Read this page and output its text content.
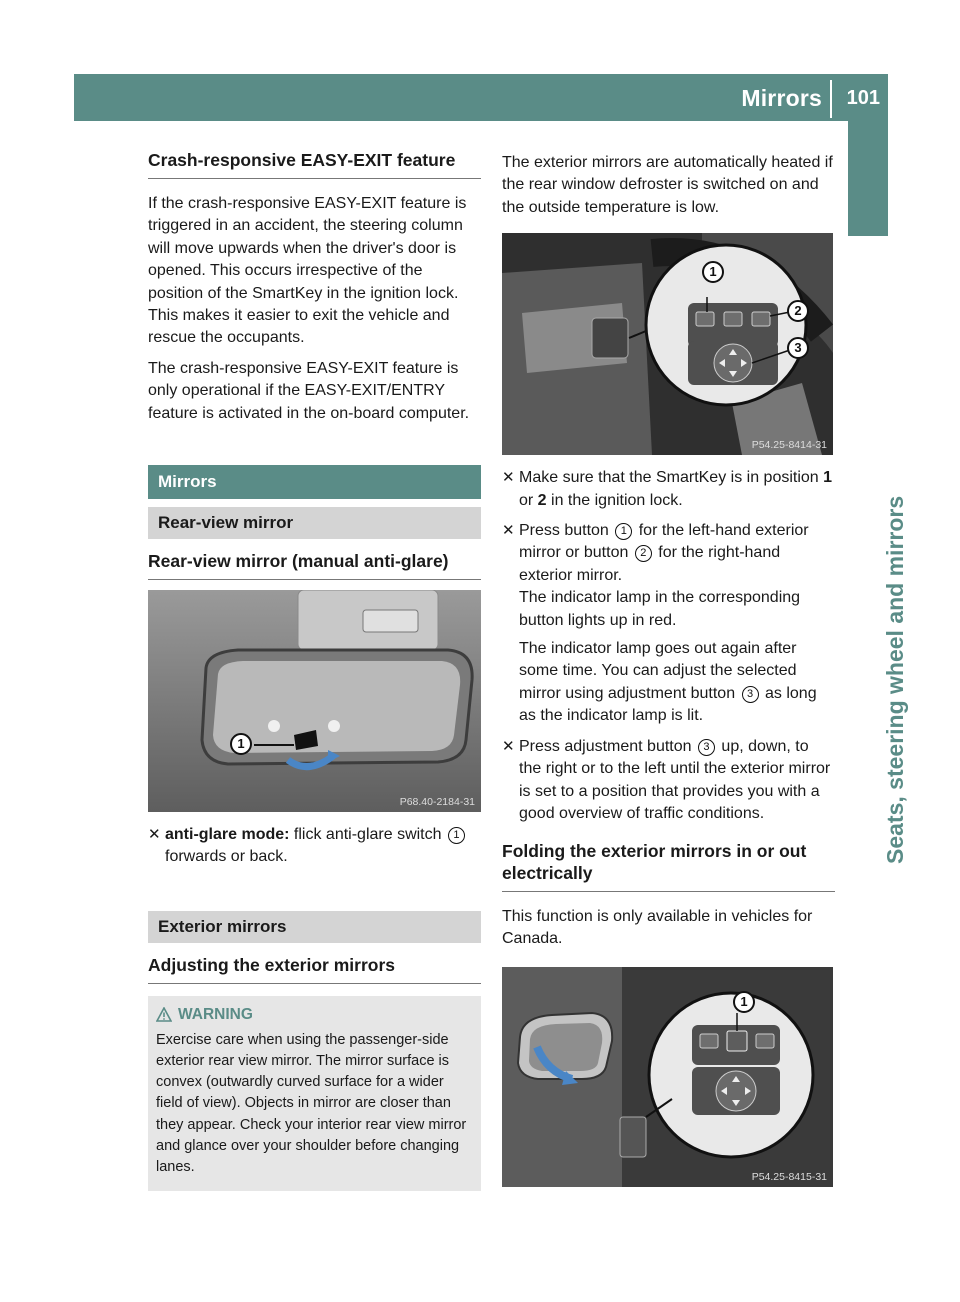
Mirrors 101
Seats, steering wheel and mirrors
Crash-responsive EASY-EXIT feature

If the crash-responsive EASY-EXIT feature is triggered in an accident, the steering column will move upwards when the driver's door is opened. This occurs irrespective of the position of the SmartKey in the ignition lock. This makes it easier to exit the vehicle and rescue the occupants.

The crash-responsive EASY-EXIT feature is only operational if the EASY-EXIT/ENTRY feature is activated in the on-board computer.

Mirrors
Rear-view mirror
Rear-view mirror (manual anti-glare)
1
P68.40-2184-31
✕ anti-glare mode: flick anti-glare switch 1 forwards or back.
Exterior mirrors
Adjusting the exterior mirrors
WARNING
Exercise care when using the passenger-side exterior rear view mirror. The mirror surface is convex (outwardly curved surface for a wider field of view). Objects in mirror are closer than they appear. Check your interior rear view mirror and glance over your shoulder before changing lanes.

The exterior mirrors are automatically heated if the rear window defroster is switched on and the outside temperature is low.

1
2
3
P54.25-8414-31
✕ Make sure that the SmartKey is in position 1 or 2 in the ignition lock.
✕ Press button 1 for the left-hand exterior mirror or button 2 for the right-hand exterior mirror.
The indicator lamp in the corresponding button lights up in red.
The indicator lamp goes out again after some time. You can adjust the selected mirror using adjustment button 3 as long as the indicator lamp is lit.
✕ Press adjustment button 3 up, down, to the right or to the left until the exterior mirror is set to a position that provides you with a good overview of traffic conditions.
Folding the exterior mirrors in or out electrically

This function is only available in vehicles for Canada.

1
P54.25-8415-31
